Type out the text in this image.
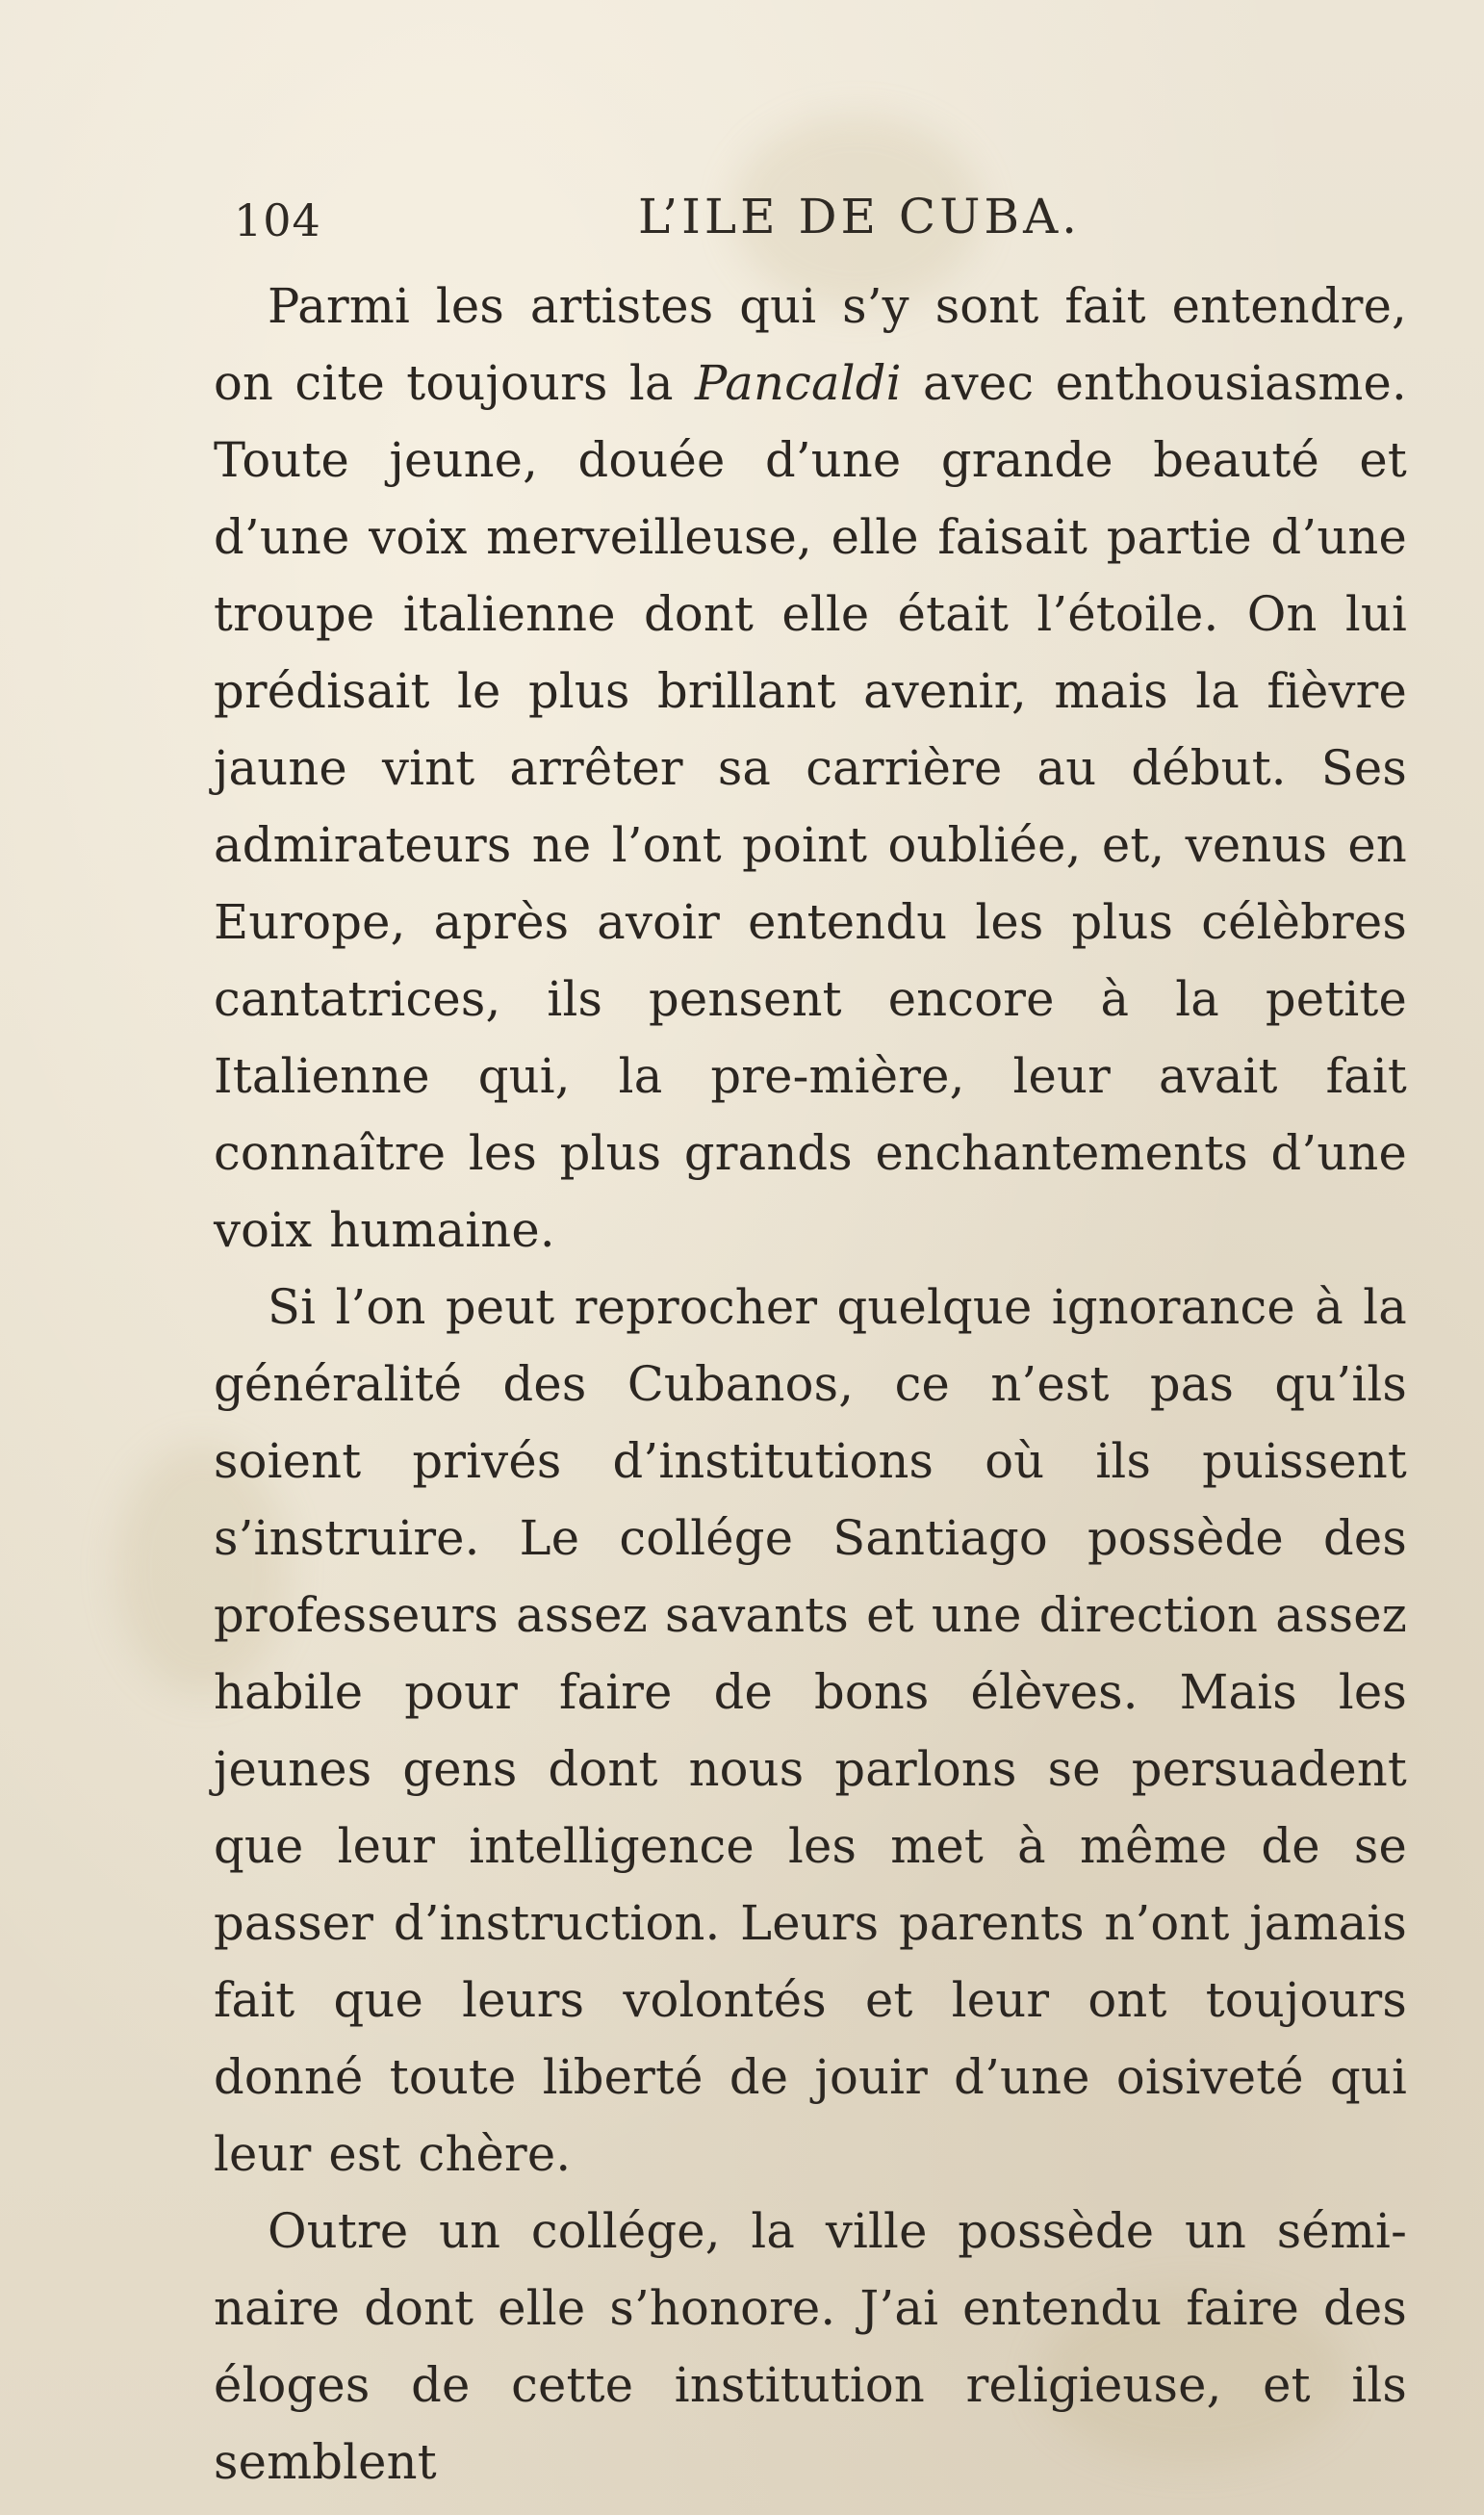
104	L’ILE DE CUBA.

Parmi les artistes qui s’y sont fait entendre, on cite toujours la Pancaldi avec enthousiasme. Toute jeune, douée d’une grande beauté et d’une voix merveilleuse, elle faisait partie d’une troupe italienne dont elle était l’étoile. On lui prédisait le plus brillant avenir, mais la fièvre jaune vint arrêter sa carrière au début. Ses admirateurs ne l’ont point oubliée, et, venus en Europe, après avoir entendu les plus célèbres cantatrices, ils pensent encore à la petite Italienne qui, la pre-mière, leur avait fait connaître les plus grands enchantements d’une voix humaine.

Si l’on peut reprocher quelque ignorance à la généralité des Cubanos, ce n’est pas qu’ils soient privés d’institutions où ils puissent s’instruire. Le collége Santiago possède des professeurs assez savants et une direction assez habile pour faire de bons élèves. Mais les jeunes gens dont nous parlons se persuadent que leur intelligence les met à même de se passer d’instruction. Leurs parents n’ont jamais fait que leurs volontés et leur ont toujours donné toute liberté de jouir d’une oisiveté qui leur est chère.

Outre un collége, la ville possède un sémi-naire dont elle s’honore. J’ai entendu faire des éloges de cette institution religieuse, et ils semblent
